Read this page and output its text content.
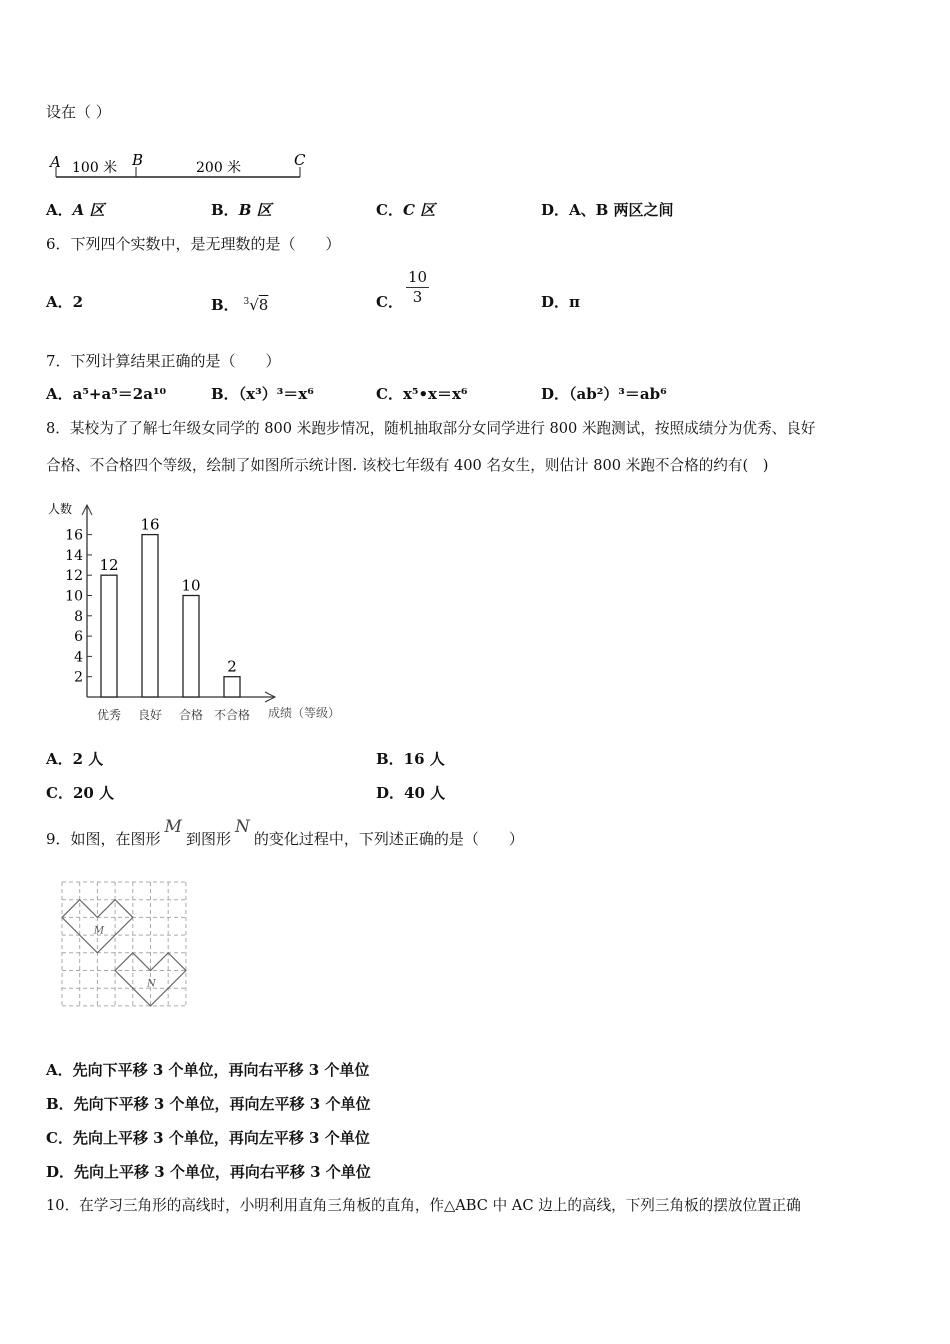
设在（ ）
A	B	C
100 米	200 米
A．A 区	B．B 区	C．C 区	D．A、B 两区之间
6．下列四个实数中，是无理数的是（　　）
A．2	B． $^3$√8	C．
10
3	D．π
7．下列计算结果正确的是（　　）
A．a⁵+a⁵＝2a¹⁰	B．（x³）³＝x⁶	C．x⁵•x＝x⁶	D．（ab²）³＝ab⁶
8．某校为了了解七年级女同学的 800 米跑步情况，随机抽取部分女同学进行 800 米跑测试，按照成绩分为优秀、良好
合格、不合格四个等级，绘制了如图所示统计图. 该校七年级有 400 名女生，则估计 800 米跑不合格的约有(　)
人数
成绩（等级）
2
4
6
8
10
12
14
16
12
优秀
16
良好
10
合格
2
不合格
A．2 人	B．16 人
C．20 人	D．40 人
9．如图，在图形M到图形N的变化过程中，下列述正确的是（　　）
M
N
A．先向下平移 3 个单位，再向右平移 3 个单位
B．先向下平移 3 个单位，再向左平移 3 个单位
C．先向上平移 3 个单位，再向左平移 3 个单位
D．先向上平移 3 个单位，再向右平移 3 个单位
10．在学习三角形的高线时，小明利用直角三角板的直角，作△ABC 中 AC 边上的高线，下列三角板的摆放位置正确
